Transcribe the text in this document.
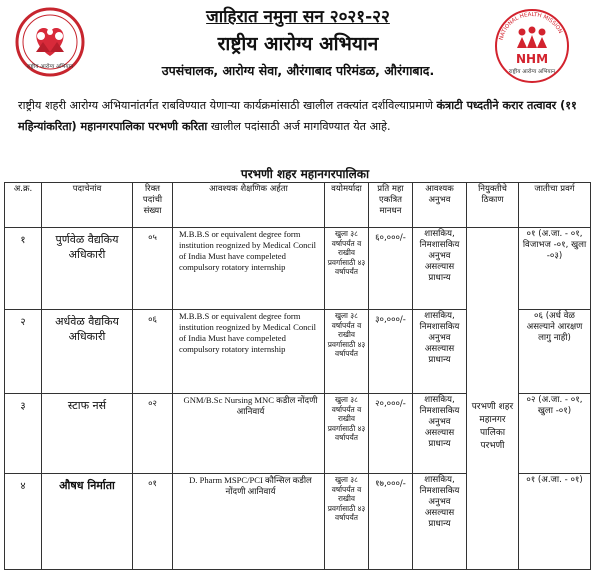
राष्ट्रीय आरोग्य अभियान
जाहिरात नमुना सन २०२१-२२
राष्ट्रीय आरोग्य अभियान
उपसंचालक, आरोग्य सेवा, औरंगाबाद परिमंडळ, औरंगाबाद.
NATIONAL HEALTH MISSION
NHM
राष्ट्रीय आरोग्य अभियान
राष्ट्रीय शहरी आरोग्य अभियानांतर्गत राबविण्यात येणाऱ्या कार्यक्रमांसाठी खालील तक्त्यांत दर्शविल्याप्रमाणे कंत्राटी पध्दतीने करार तत्वावर (११ महिन्यांकरिता) महानगरपालिका परभणी करिता खालील पदांसाठी अर्ज मागविण्यात येत आहे.
परभणी शहर महानगरपालिका
अ.क्र.	पदाचेनांव	रिक्त पदांची संख्या	आवश्यक शैक्षणिक अर्हता	वयोमर्यादा	प्रति महा एकत्रित मानधन	आवश्यक अनुभव	नियुक्तीचे ठिकाण	जातीचा प्रवर्ग
१	पुर्णवेळ वैद्यकिय अधिकारी	०५	M.B.B.S or equivalent degree form institution reognized by Medical Concil of India Must have compeleted compulsory rotatory internship	खुला ३८ वर्षापर्यंत व राखीव प्रवर्गासाठी ४३ वर्षापर्यंत	६०,०००/-	शासकिय, निमशासकिय अनुभव असल्यास प्राधान्य	परभणी शहर महानगर पालिका परभणी	०१ (अ.जा. - ०१, विजाभज -०१, खुला -०३)
२	अर्धवेळ वैद्यकिय अधिकारी	०६	M.B.B.S or equivalent degree form institution reognized by Medical Concil of India Must have compeleted compulsory rotatory internship	खुला ३८ वर्षापर्यंत व राखीव प्रवर्गासाठी ४३ वर्षापर्यंत	३०,०००/-	शासकिय, निमशासकिय अनुभव असल्यास प्राधान्य		०६ (अर्ध वेळ असल्याने आरक्षण लागु नाही)
३	स्टाफ नर्स	०२	GNM/B.Sc Nursing MNC कडील नोंदणी आनिवार्य	खुला ३८ वर्षापर्यंत व राखीव प्रवर्गासाठी ४३ वर्षापर्यंत	२०,०००/-	शासकिय, निमशासकिय अनुभव असल्यास प्राधान्य		०२ (अ.जा. - ०१, खुला -०१)
४	औषध निर्माता	०१	D. Pharm MSPC/PCI कौन्सिल कडील नोंदणी आनिवार्य	खुला ३८ वर्षापर्यंत व राखीव प्रवर्गासाठी ४३ वर्षापर्यंत	१७,०००/-	शासकिय, निमशासकिय अनुभव असल्यास प्राधान्य		०१ (अ.जा. - ०१)
